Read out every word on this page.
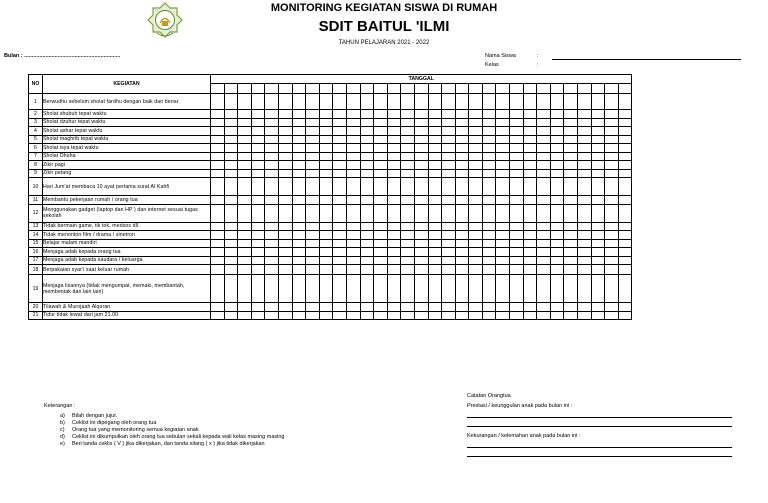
MONITORING KEGIATAN SISWA DI RUMAH
SDIT BAITUL 'ILMI
TAHUN PELAJARAN 2021 - 2022
Bulan : ...............................................................	Nama Siswa	:
Kelas	:
NO	KEGIATAN	TANGGAL																														

1	Berwudhu sebelum sholat fardhu dengan baik dan benar																															
2	Sholat shubuh tepat waktu																															
3	Sholat dzuhur tepat waktu																															
4	Sholat ashar tepat waktu																															
5	Sholat maghrib tepat waktu																															
6	Sholat isya tepat waktu																															
7	Sholat Dhuha																															
8	Zikir pagi																															
9	Zikir petang																															
10	Hari Jum'at membaca 10 ayat pertama surat Al Kahfi																															
11	Membantu pekerjaan rumah / orang tua																															
12	Menggunakan gadget (laptop dan HP ) dan internet sesuai tugas sekolah																															
13	Tidak bermain game, tik tok, medsos dll.																															
14	Tidak menonton film / drama / sinetron																															
15	Belajar malam mandiri																															
16	Menjaga adab kepada orang tua																															
17	Menjaga adab kepada saudara / keluarga																															
18	Berpakaian syar'i saat keluar rumah																															
19	Menjaga lisannya (tidak mengumpat, memaki, membantah, membentak dan lain lain)																															
20	Tilawah & Murojaah Alquran																															
21	Tidur tidak lewat dari jam 21.00																															
Keterangan :
a) Bilah dengan jujur.
b) Ceklist ini dipegang oleh orang tua
c) Orang tua yang memonitoring semua kegiatan anak
d) Ceklist ini dikumpulkan oleh orang tua sebulan sekali kepada wali kelas masing masing
e) Beri tanda ceklis ( V ) jika dikerjakan, dan tanda silang ( x ) jika tidak dikerjakan
Catatan Orangtua
Prestasi / keunggulan anak pada bulan ini :
Kekurangan / kelemahan anak pada bulan ini :
